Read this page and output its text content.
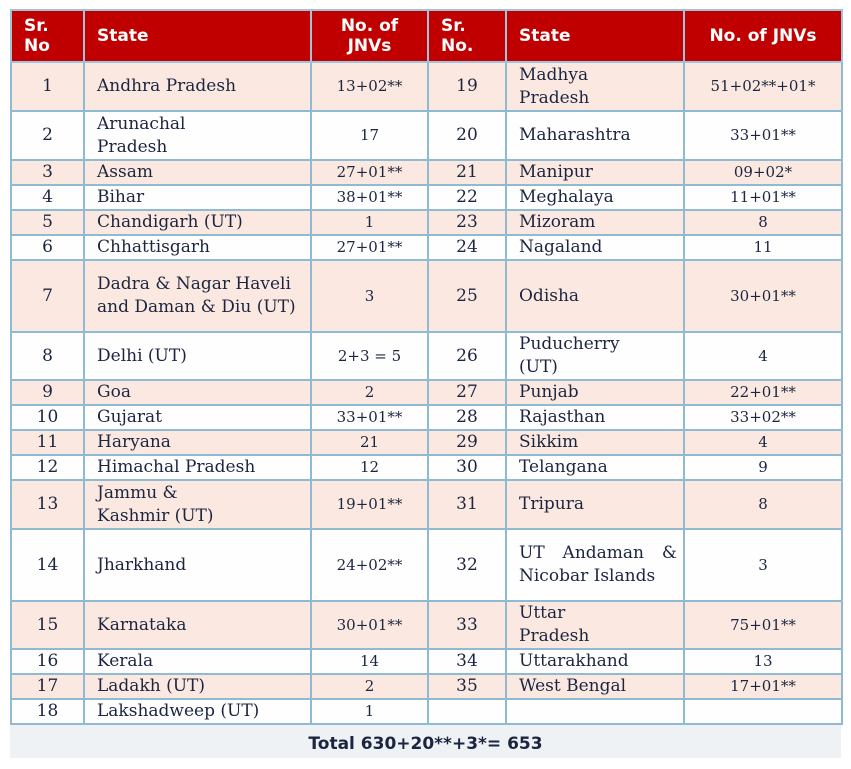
Sr. No	State	No. of JNVs	Sr. No.	State	No. of JNVs
1	Andhra Pradesh	13+02**	19	Madhya Pradesh	51+02**+01*
2	Arunachal Pradesh	17	20	Maharashtra	33+01**
3	Assam	27+01**	21	Manipur	09+02*
4	Bihar	38+01**	22	Meghalaya	11+01**
5	Chandigarh (UT)	1	23	Mizoram	8
6	Chhattisgarh	27+01**	24	Nagaland	11
7	Dadra & Nagar Haveli and Daman & Diu (UT)	3	25	Odisha	30+01**
8	Delhi (UT)	2+3 = 5	26	Puducherry (UT)	4
9	Goa	2	27	Punjab	22+01**
10	Gujarat	33+01**	28	Rajasthan	33+02**
11	Haryana	21	29	Sikkim	4
12	Himachal Pradesh	12	30	Telangana	9
13	Jammu & Kashmir (UT)	19+01**	31	Tripura	8
14	Jharkhand	24+02**	32	UT Andaman & Nicobar Islands	3
15	Karnataka	30+01**	33	Uttar Pradesh	75+01**
16	Kerala	14	34	Uttarakhand	13
17	Ladakh (UT)	2	35	West Bengal	17+01**
18	Lakshadweep (UT)	1			
Total 630+20**+3*= 653
